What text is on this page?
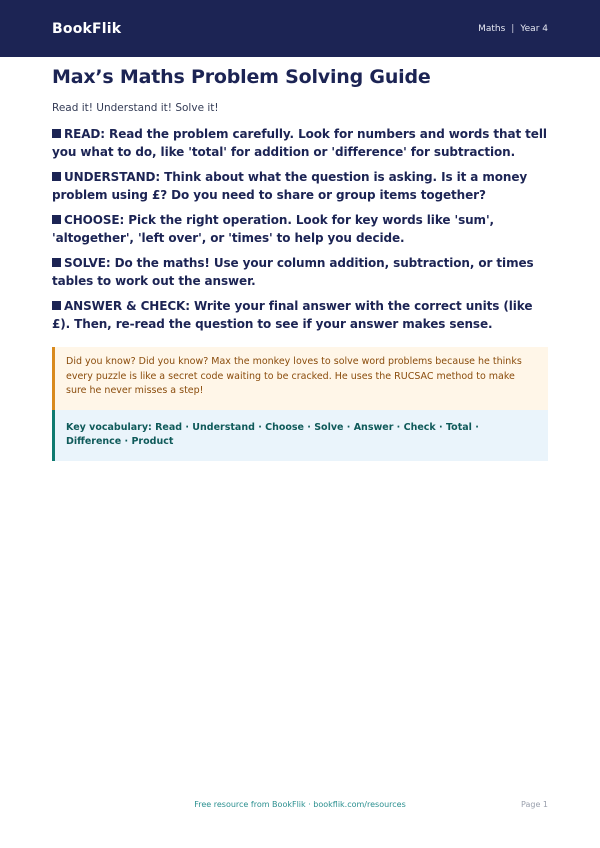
BookFlik	Maths | Year 4
Max’s Maths Problem Solving Guide

Read it! Understand it! Solve it!

READ: Read the problem carefully. Look for numbers and words that tell you what to do, like 'total' for addition or 'difference' for subtraction.
UNDERSTAND: Think about what the question is asking. Is it a money problem using £? Do you need to share or group items together?
CHOOSE: Pick the right operation. Look for key words like 'sum', 'altogether', 'left over', or 'times' to help you decide.
SOLVE: Do the maths! Use your column addition, subtraction, or times tables to work out the answer.
ANSWER & CHECK: Write your final answer with the correct units (like £). Then, re-read the question to see if your answer makes sense.
Did you know? Did you know? Max the monkey loves to solve word problems because he thinks every puzzle is like a secret code waiting to be cracked. He uses the RUCSAC method to make sure he never misses a step!
Key vocabulary: Read · Understand · Choose · Solve · Answer · Check · Total · Difference · Product
Free resource from BookFlik · bookflik.com/resources	Page 1
